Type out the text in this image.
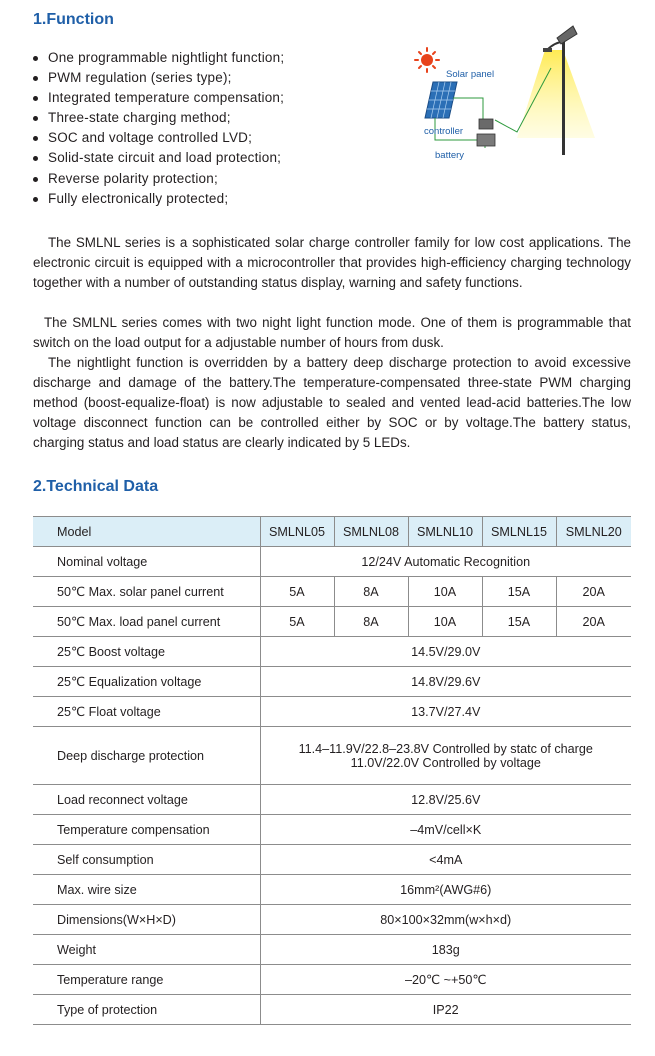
1.Function
One programmable nightlight function;
PWM regulation (series type);
Integrated temperature compensation;
Three-state charging method;
SOC and voltage controlled LVD;
Solid-state circuit and load protection;
Reverse polarity protection;
Fully electronically protected;
Solar panel
controller
battery

The SMLNL series is a sophisticated solar charge controller family for low cost applications. The electronic circuit is equipped with a microcontroller that provides high-efficiency charging technology together with a number of outstanding status display, warning and safety functions.

The SMLNL series comes with two night light function mode. One of them is programmable that switch on the load output for a adjustable number of hours from dusk.

The nightlight function is overridden by a battery deep discharge protection to avoid excessive discharge and damage of the battery.The temperature-compensated three-state PWM charging method (boost-equalize-float) is now adjustable to sealed and vented lead-acid batteries.The low voltage disconnect function can be controlled either by SOC or by voltage.The battery status, charging status and load status are clearly indicated by 5 LEDs.

2.Technical Data
Model	SMLNL05	SMLNL08	SMLNL10	SMLNL15	SMLNL20
Nominal voltage	12/24V Automatic Recognition				
50℃ Max. solar panel current	5A	8A	10A	15A	20A
50℃ Max. load panel current	5A	8A	10A	15A	20A
25℃ Boost voltage	14.5V/29.0V				
25℃ Equalization voltage	14.8V/29.6V				
25℃ Float voltage	13.7V/27.4V				
Deep discharge protection	11.4–11.9V/22.8–23.8V Controlled by statc of charge
11.0V/22.0V Controlled by voltage				

Load reconnect voltage	12.8V/25.6V				
Temperature compensation	–4mV/cell×K				
Self consumption	<4mA				
Max. wire size	16mm²(AWG#6)				
Dimensions(W×H×D)	80×100×32mm(w×h×d)				
Weight	183g				
Temperature range	–20℃ ~+50℃				
Type of protection	IP22				
